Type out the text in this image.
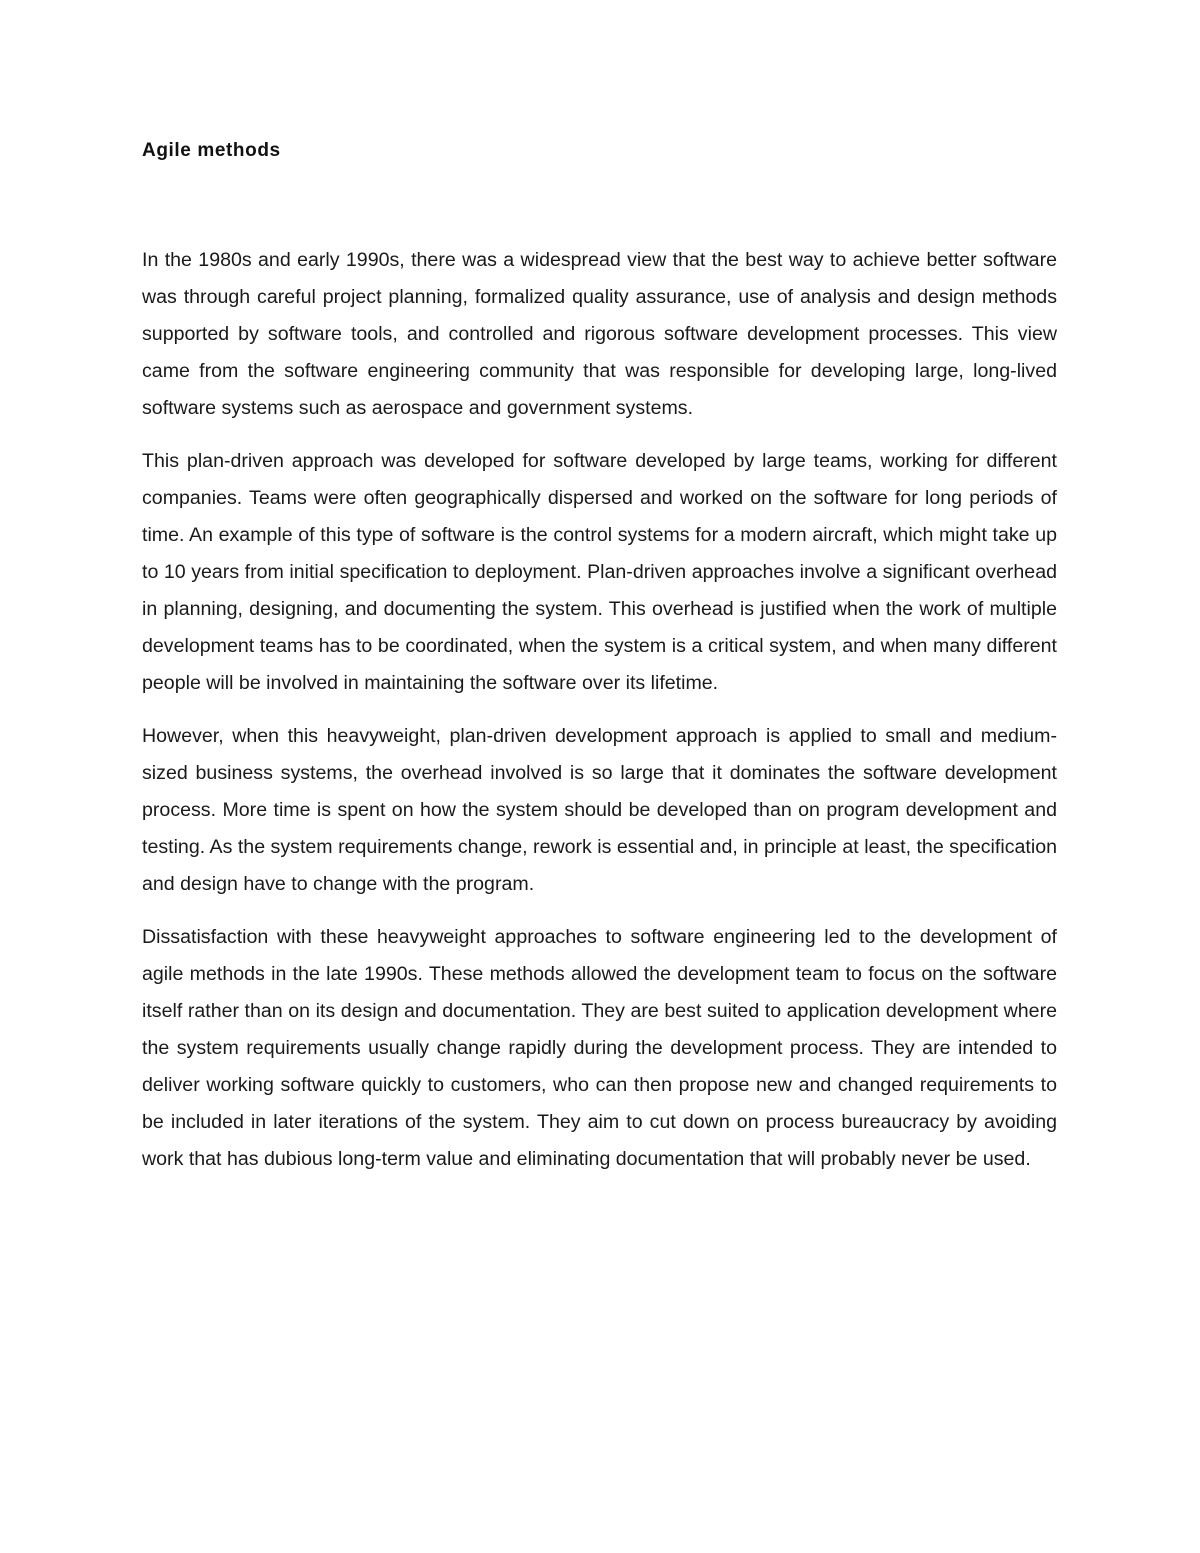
Agile methods

In the 1980s and early 1990s, there was a widespread view that the best way to achieve better software was through careful project planning, formalized quality assurance, use of analysis and design methods supported by software tools, and controlled and rigorous software development processes. This view came from the software engineering community that was responsible for developing large, long-lived software systems such as aerospace and government systems.

This plan-driven approach was developed for software developed by large teams, working for different companies. Teams were often geographically dispersed and worked on the software for long periods of time. An example of this type of software is the control systems for a modern aircraft, which might take up to 10 years from initial specification to deployment. Plan-driven approaches involve a significant overhead in planning, designing, and documenting the system. This overhead is justified when the work of multiple development teams has to be coordinated, when the system is a critical system, and when many different people will be involved in maintaining the software over its lifetime.

However, when this heavyweight, plan-driven development approach is applied to small and medium-sized business systems, the overhead involved is so large that it dominates the software development process. More time is spent on how the system should be developed than on program development and testing. As the system requirements change, rework is essential and, in principle at least, the specification and design have to change with the program.

Dissatisfaction with these heavyweight approaches to software engineering led to the development of agile methods in the late 1990s. These methods allowed the development team to focus on the software itself rather than on its design and documentation. They are best suited to application development where the system requirements usually change rapidly during the development process. They are intended to deliver working software quickly to customers, who can then propose new and changed requirements to be included in later iterations of the system. They aim to cut down on process bureaucracy by avoiding work that has dubious long-term value and eliminating documentation that will probably never be used.
